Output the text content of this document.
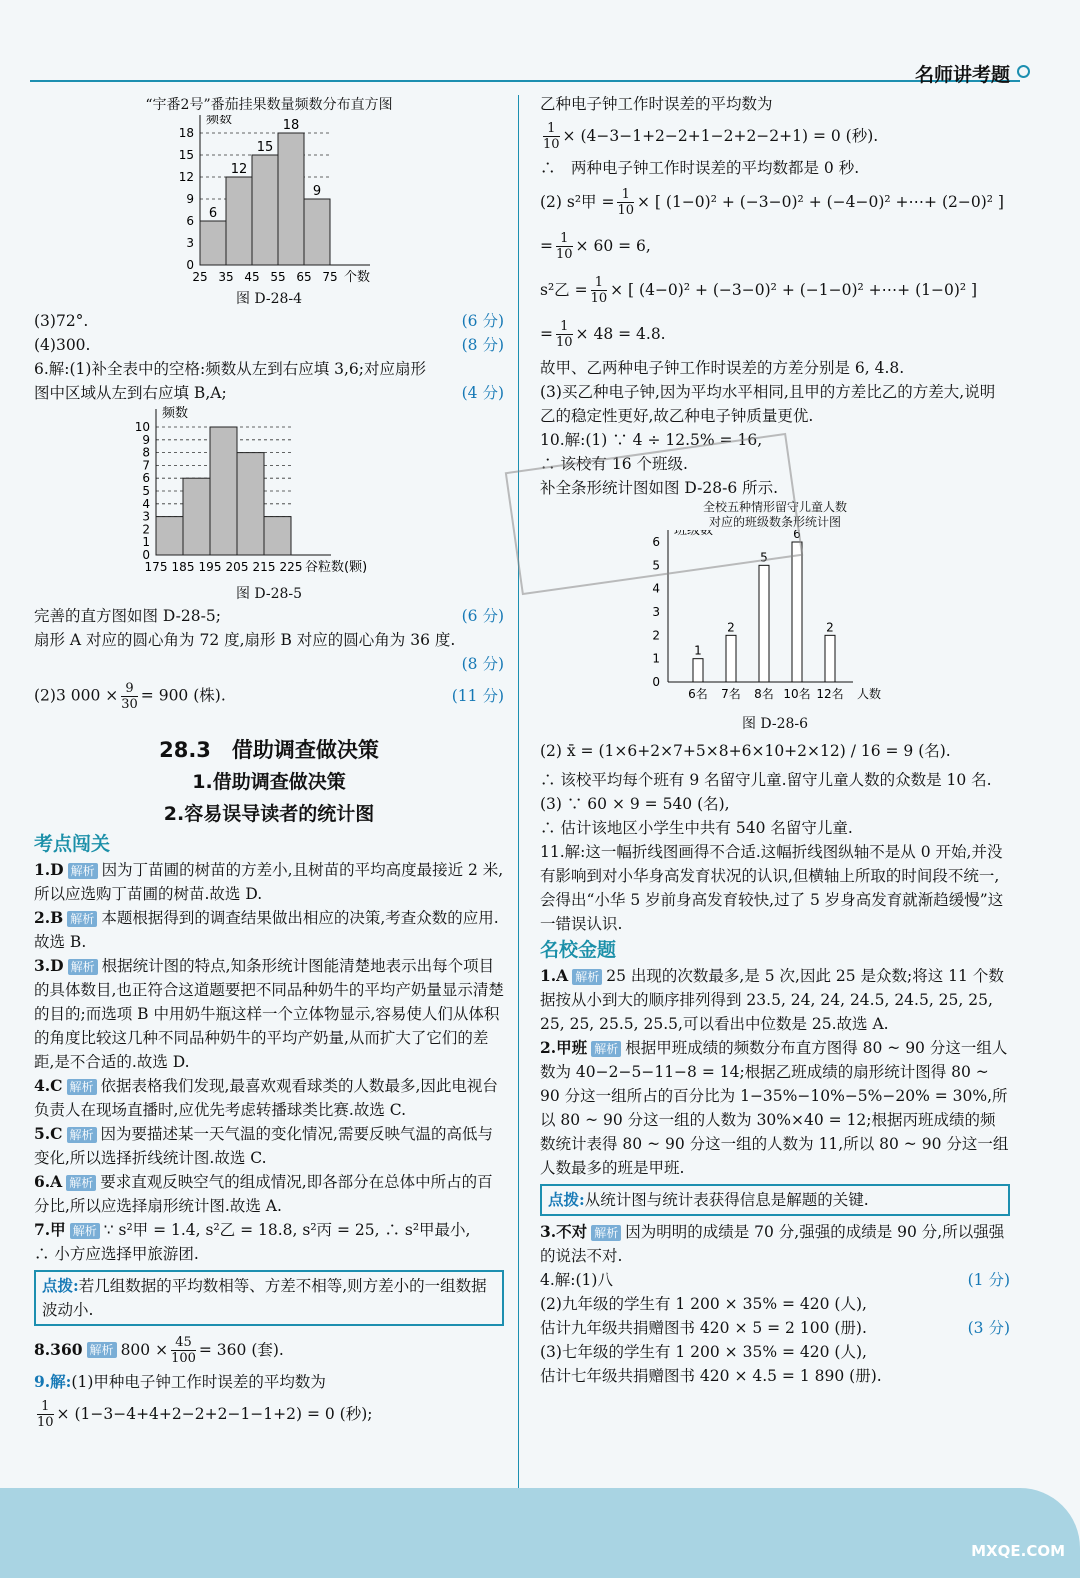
名师讲考题
“宇番2号”番茄挂果数量频数分布直方图
0
3
6
9
12
15
18
频数
个数
6
12
15
18
9
25 35 45 55 65 75
图 D-28-4
(3)72°.	(6 分)
(4)300.	(8 分)
6.解:(1)补全表中的空格:频数从左到右应填 3,6;对应扇形
图中区域从左到右应填 B,A;	(4 分)
0
1
2
3
4
5
6
7
8
9
10
频数
谷粒数(颗)
175 185 195 205 215 225
图 D-28-5
完善的直方图如图 D-28-5;	(6 分)
扇形 A 对应的圆心角为 72 度,扇形 B 对应的圆心角为 36 度.
(8 分)
(2)3 $000 \times \frac{9}{30} = 900$ (株).	(11 分)
28.3　借助调查做决策
1.借助调查做决策
2.容易误导读者的统计图
考点闯关
1.D 解析 因为丁苗圃的树苗的方差小,且树苗的平均高度最接近 2 米,所以应选购丁苗圃的树苗.故选 D.
2.B 解析 本题根据得到的调查结果做出相应的决策,考查众数的应用.故选 B.
3.D 解析 根据统计图的特点,知条形统计图能清楚地表示出每个项目的具体数目,也正符合这道题要把不同品种奶牛的平均产奶量显示清楚的目的;而选项 B 中用奶牛瓶这样一个立体物显示,容易使人们从体积的角度比较这几种不同品种奶牛的平均产奶量,从而扩大了它们的差距,是不合适的.故选 D.
4.C 解析 依据表格我们发现,最喜欢观看球类的人数最多,因此电视台负责人在现场直播时,应优先考虑转播球类比赛.故选 C.
5.C 解析 因为要描述某一天气温的变化情况,需要反映气温的高低与变化,所以选择折线统计图.故选 C.
6.A 解析 要求直观反映空气的组成情况,即各部分在总体中所占的百分比,所以应选择扇形统计图.故选 A.
7.甲 解析 ∵ s²甲 = 1.4, s²乙 = 18.8, s²丙 = 25, ∴ s²甲最小,
∴ 小方应选择甲旅游团.
点拨:若几组数据的平均数相等、方差不相等,则方差小的一组数据波动小.
8.360 解析 $800 \times \frac{45}{100} = 360$ (套).
9.解:(1)甲种电子钟工作时误差的平均数为
$\frac{1}{10} \times (1-3-4+4+2-2+2-1-1+2) = 0$ (秒);
乙种电子钟工作时误差的平均数为
$\frac{1}{10} \times (4-3-1+2-2+1-2+2-2+1) = 0$ (秒).
∴　两种电子钟工作时误差的平均数都是 0 秒.
(2) s²甲 = $\frac{1}{10}$ × [ (1−0)² + (−3−0)² + (−4−0)² +⋯+ (2−0)² ]
= $\frac{1}{10} \times 60 = 6$,
s²乙 = $\frac{1}{10}$ × [ (4−0)² + (−3−0)² + (−1−0)² +⋯+ (1−0)² ]
= $\frac{1}{10} \times 48 = 4.8$.
故甲、乙两种电子钟工作时误差的方差分别是 6, 4.8.
(3)买乙种电子钟,因为平均水平相同,且甲的方差比乙的方差大,说明乙的稳定性更好,故乙种电子钟质量更优.
10.解:(1) ∵ 4 ÷ 12.5% = 16,
∴ 该校有 16 个班级.
补全条形统计图如图 D-28-6 所示.
全校五种情形留守儿童人数
对应的班级数条形统计图
班级数
0
1
2
3
4
5
6
1
6名
2
7名
5
8名
6
10名
2
12名 人数
图 D-28-6
(2) x̄ = (1×6+2×7+5×8+6×10+2×12) / 16 = 9 (名).
∴ 该校平均每个班有 9 名留守儿童.留守儿童人数的众数是 10 名.
(3) ∵ 60 × 9 = 540 (名),
∴ 估计该地区小学生中共有 540 名留守儿童.
11.解:这一幅折线图画得不合适.这幅折线图纵轴不是从 0 开始,并没有影响到对小华身高发育状况的认识,但横轴上所取的时间段不统一,会得出“小华 5 岁前身高发育较快,过了 5 岁身高发育就渐趋缓慢”这一错误认识.
名校金题
1.A 解析 25 出现的次数最多,是 5 次,因此 25 是众数;将这 11 个数据按从小到大的顺序排列得到 23.5, 24, 24, 24.5, 24.5, 25, 25, 25, 25, 25.5, 25.5,可以看出中位数是 25.故选 A.
2.甲班 解析 根据甲班成绩的频数分布直方图得 80 ~ 90 分这一组人数为 40−2−5−11−8 = 14;根据乙班成绩的扇形统计图得 80 ~ 90 分这一组所占的百分比为 1−35%−10%−5%−20% = 30%,所以 80 ~ 90 分这一组的人数为 30%×40 = 12;根据丙班成绩的频数统计表得 80 ~ 90 分这一组的人数为 11,所以 80 ~ 90 分这一组人数最多的班是甲班.
点拨:从统计图与统计表获得信息是解题的关键.
3.不对 解析 因为明明的成绩是 70 分,强强的成绩是 90 分,所以强强的说法不对.
4.解:(1)八	(1 分)
(2)九年级的学生有 1 200 × 35% = 420 (人),
估计九年级共捐赠图书 420 × 5 = 2 100 (册).	(3 分)
(3)七年级的学生有 1 200 × 35% = 420 (人),
估计七年级共捐赠图书 420 × 4.5 = 1 890 (册).
MXQE.COM
